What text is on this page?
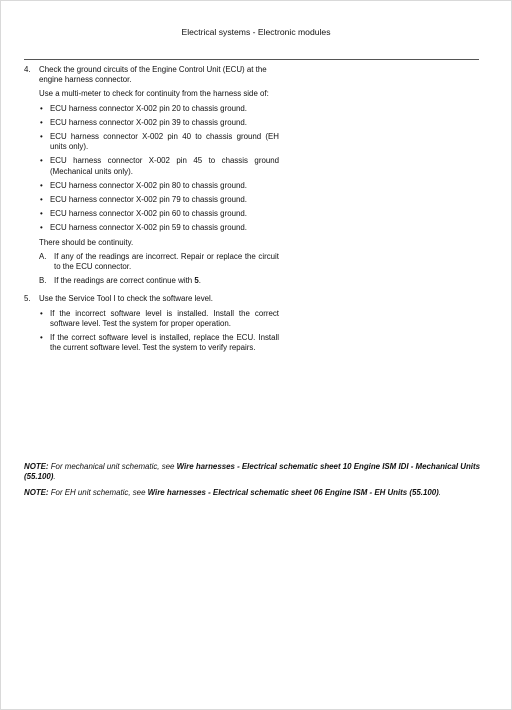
Electrical systems - Electronic modules
4.	Check the ground circuits of the Engine Control Unit (ECU) at the engine harness connector.

Use a multi-meter to check for continuity from the harness side of:

• ECU harness connector X-002 pin 20 to chassis ground.
• ECU harness connector X-002 pin 39 to chassis ground.
• ECU harness connector X-002 pin 40 to chassis ground (EH units only).
• ECU harness connector X-002 pin 45 to chassis ground (Mechanical units only).
• ECU harness connector X-002 pin 80 to chassis ground.
• ECU harness connector X-002 pin 79 to chassis ground.
• ECU harness connector X-002 pin 60 to chassis ground.
• ECU harness connector X-002 pin 59 to chassis ground.

There should be continuity.

A. If any of the readings are incorrect. Repair or replace the circuit to the ECU connector.
B. If the readings are correct continue with 5.
5.	Use the Service Tool I to check the software level.

• If the incorrect software level is installed. Install the correct software level. Test the system for proper operation.
• If the correct software level is installed, replace the ECU. Install the current software level. Test the system to verify repairs.
NOTE: For mechanical unit schematic, see Wire harnesses - Electrical schematic sheet 10 Engine ISM IDI - Mechanical Units (55.100).
NOTE: For EH unit schematic, see Wire harnesses - Electrical schematic sheet 06 Engine ISM - EH Units (55.100).
